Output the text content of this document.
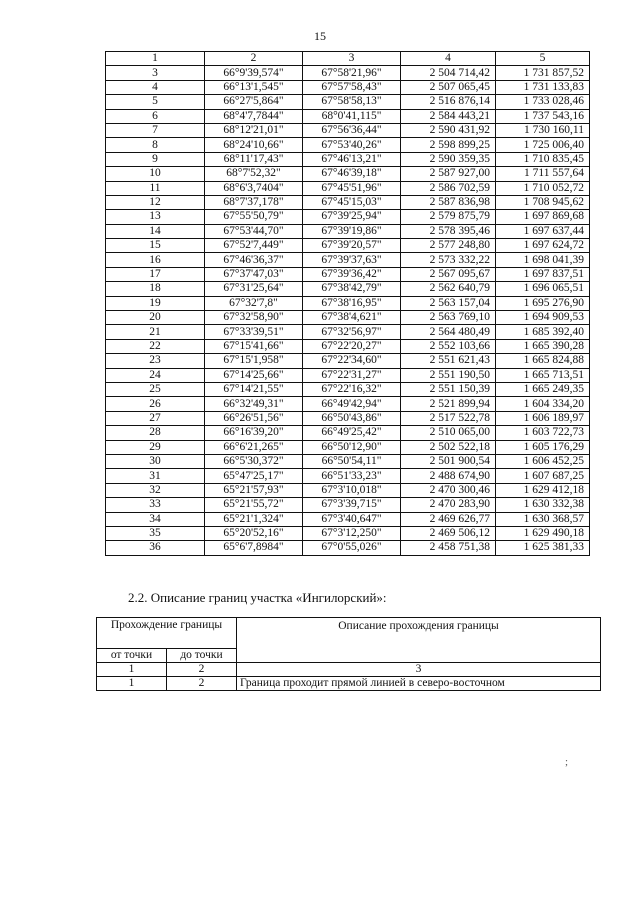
15
1	2	3	4	5
3	66°9'39,574"	67°58'21,96"	2 504 714,42	1 731 857,52
4	66°13'1,545"	67°57'58,43"	2 507 065,45	1 731 133,83
5	66°27'5,864"	67°58'58,13"	2 516 876,14	1 733 028,46
6	68°4'7,7844"	68°0'41,115"	2 584 443,21	1 737 543,16
7	68°12'21,01"	67°56'36,44"	2 590 431,92	1 730 160,11
8	68°24'10,66"	67°53'40,26"	2 598 899,25	1 725 006,40
9	68°11'17,43"	67°46'13,21"	2 590 359,35	1 710 835,45
10	68°7'52,32"	67°46'39,18"	2 587 927,00	1 711 557,64
11	68°6'3,7404"	67°45'51,96"	2 586 702,59	1 710 052,72
12	68°7'37,178"	67°45'15,03"	2 587 836,98	1 708 945,62
13	67°55'50,79"	67°39'25,94"	2 579 875,79	1 697 869,68
14	67°53'44,70"	67°39'19,86"	2 578 395,46	1 697 637,44
15	67°52'7,449"	67°39'20,57"	2 577 248,80	1 697 624,72
16	67°46'36,37"	67°39'37,63"	2 573 332,22	1 698 041,39
17	67°37'47,03"	67°39'36,42"	2 567 095,67	1 697 837,51
18	67°31'25,64"	67°38'42,79"	2 562 640,79	1 696 065,51
19	67°32'7,8"	67°38'16,95"	2 563 157,04	1 695 276,90
20	67°32'58,90"	67°38'4,621"	2 563 769,10	1 694 909,53
21	67°33'39,51"	67°32'56,97"	2 564 480,49	1 685 392,40
22	67°15'41,66"	67°22'20,27"	2 552 103,66	1 665 390,28
23	67°15'1,958"	67°22'34,60"	2 551 621,43	1 665 824,88
24	67°14'25,66"	67°22'31,27"	2 551 190,50	1 665 713,51
25	67°14'21,55"	67°22'16,32"	2 551 150,39	1 665 249,35
26	66°32'49,31"	66°49'42,94"	2 521 899,94	1 604 334,20
27	66°26'51,56"	66°50'43,86"	2 517 522,78	1 606 189,97
28	66°16'39,20"	66°49'25,42"	2 510 065,00	1 603 722,73
29	66°6'21,265"	66°50'12,90"	2 502 522,18	1 605 176,29
30	66°5'30,372"	66°50'54,11"	2 501 900,54	1 606 452,25
31	65°47'25,17"	66°51'33,23"	2 488 674,90	1 607 687,25
32	65°21'57,93"	67°3'10,018"	2 470 300,46	1 629 412,18
33	65°21'55,72"	67°3'39,715"	2 470 283,90	1 630 332,38
34	65°21'1,324"	67°3'40,647"	2 469 626,77	1 630 368,57
35	65°20'52,16"	67°3'12,250"	2 469 506,12	1 629 490,18
36	65°6'7,8984"	67°0'55,026"	2 458 751,38	1 625 381,33
2.2. Описание границ участка «Ингилорский»:
Прохождение границы		Описание прохождения границы
от точки	до точки	
1	2	3
1	2	Граница проходит прямой линией в северо-восточном
;
